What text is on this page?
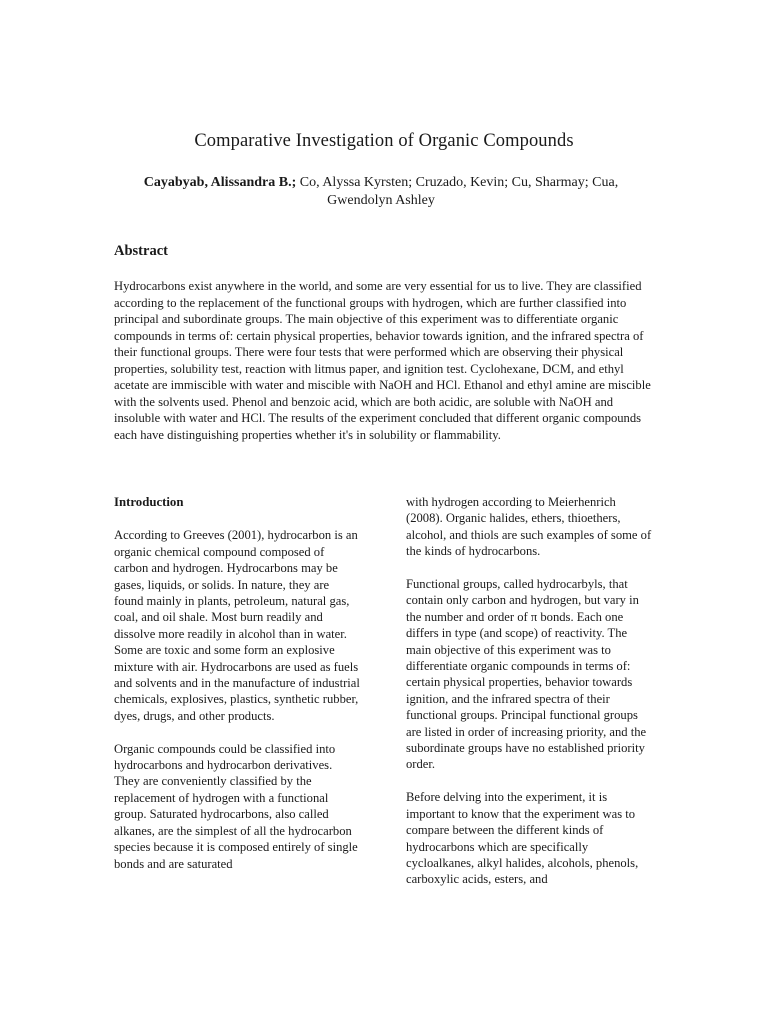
Comparative Investigation of Organic Compounds
Cayabyab, Alissandra B.; Co, Alyssa Kyrsten; Cruzado, Kevin; Cu, Sharmay; Cua, Gwendolyn Ashley
Abstract

Hydrocarbons exist anywhere in the world, and some are very essential for us to live. They are classified according to the replacement of the functional groups with hydrogen, which are further classified into principal and subordinate groups. The main objective of this experiment was to differentiate organic compounds in terms of: certain physical properties, behavior towards ignition, and the infrared spectra of their functional groups. There were four tests that were performed which are observing their physical properties, solubility test, reaction with litmus paper, and ignition test. Cyclohexane, DCM, and ethyl acetate are immiscible with water and miscible with NaOH and HCl. Ethanol and ethyl amine are miscible with the solvents used. Phenol and benzoic acid, which are both acidic, are soluble with NaOH and insoluble with water and HCl. The results of the experiment concluded that different organic compounds each have distinguishing properties whether it's in solubility or flammability.

Introduction

According to Greeves (2001), hydrocarbon is an organic chemical compound composed of carbon and hydrogen. Hydrocarbons may be gases, liquids, or solids. In nature, they are found mainly in plants, petroleum, natural gas, coal, and oil shale. Most burn readily and dissolve more readily in alcohol than in water. Some are toxic and some form an explosive mixture with air. Hydrocarbons are used as fuels and solvents and in the manufacture of industrial chemicals, explosives, plastics, synthetic rubber, dyes, drugs, and other products.

Organic compounds could be classified into hydrocarbons and hydrocarbon derivatives. They are conveniently classified by the replacement of hydrogen with a functional group. Saturated hydrocarbons, also called alkanes, are the simplest of all the hydrocarbon species because it is composed entirely of single bonds and are saturated

with hydrogen according to Meierhenrich (2008). Organic halides, ethers, thioethers, alcohol, and thiols are such examples of some of the kinds of hydrocarbons.

Functional groups, called hydrocarbyls, that contain only carbon and hydrogen, but vary in the number and order of π bonds. Each one differs in type (and scope) of reactivity. The main objective of this experiment was to differentiate organic compounds in terms of: certain physical properties, behavior towards ignition, and the infrared spectra of their functional groups. Principal functional groups are listed in order of increasing priority, and the subordinate groups have no established priority order.

Before delving into the experiment, it is important to know that the experiment was to compare between the different kinds of hydrocarbons which are specifically cycloalkanes, alkyl halides, alcohols, phenols, carboxylic acids, esters, and
